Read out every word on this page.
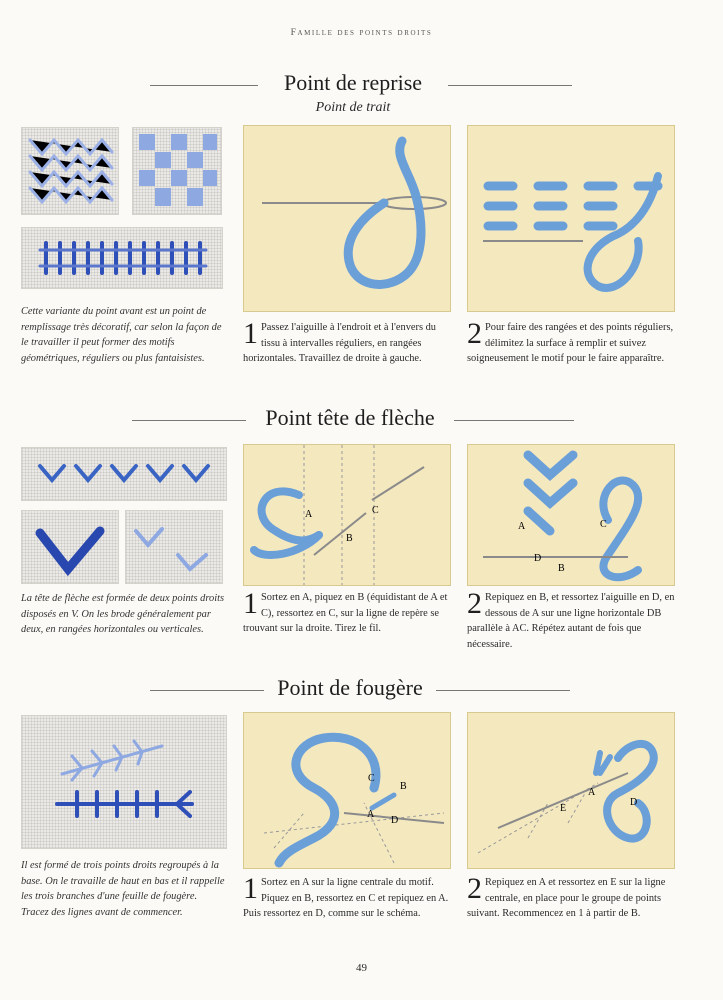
Famille des points droits
Point de reprise
Point de trait
Cette variante du point avant est un point de remplissage très décoratif, car selon la façon de le travailler il peut former des motifs géométriques, réguliers ou plus fantaisistes.
1 Passez l'aiguille à l'endroit et à l'envers du tissu à intervalles réguliers, en rangées horizontales. Travaillez de droite à gauche.
2 Pour faire des rangées et des points réguliers, délimitez la surface à remplir et suivez soigneusement le motif pour le faire apparaître.
Point tête de flèche
La tête de flèche est formée de deux points droits disposés en V. On les brode généralement par deux, en rangées horizontales ou verticales.
A
B
C
A
B
C
D
1 Sortez en A, piquez en B (équidistant de A et C), ressortez en C, sur la ligne de repère se trouvant sur la droite. Tirez le fil.
2 Repiquez en B, et ressortez l'aiguille en D, en dessous de A sur une ligne horizontale DB parallèle à AC. Répétez autant de fois que nécessaire.
Point de fougère
Il est formé de trois points droits regroupés à la base. On le travaille de haut en bas et il rappelle les trois branches d'une feuille de fougère. Tracez des lignes avant de commencer.
C
B
A
D
A
E
D
1 Sortez en A sur la ligne centrale du motif. Piquez en B, ressortez en C et repiquez en A. Puis ressortez en D, comme sur le schéma.
2 Repiquez en A et ressortez en E sur la ligne centrale, en place pour le groupe de points suivant. Recommencez en 1 à partir de B.
49
